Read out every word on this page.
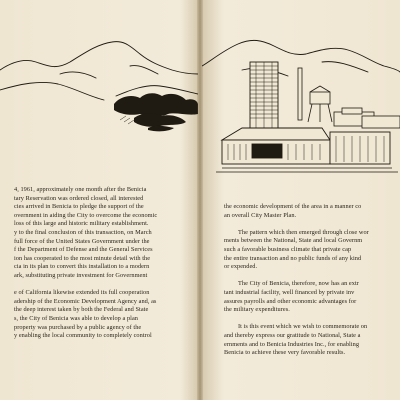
4, 1961, approximately one month after the Benicia

tary Reservation was ordered closed, all interested

cies arrived in Benicia to pledge the support of the

overnment in aiding the City to overcome the economic

loss of this large and historic military establishment.

y to the final conclusion of this transaction, on March

full force of the United States Government under the

f the Department of Defense and the General Services

ion has cooperated to the most minute detail with the

cia in its plan to convert this installation to a modern

ark, substituting private investment for Government

e of California likewise extended its full cooperation

adership of the Economic Development Agency and, as

the deep interest taken by both the Federal and State

s, the City of Benicia was able to develop a plan

property was purchased by a public agency of the

y enabling the local community to completely control

the economic development of the area in a manner co

an overall City Master Plan.

The pattern which then emerged through close wor

ments between the National, State and local Governm

such a favorable business climate that private cap

the entire transaction and no public funds of any kind

or expended.

The City of Benicia, therefore, now has an extr

tant industrial facility, well financed by private inv

assures payrolls and other economic advantages for

the military expenditures.

It is this event which we wish to commemorate on

and thereby express our gratitude to National, State a

ernments and to Benicia Industries Inc., for enabling

Benicia to achieve these very favorable results.
